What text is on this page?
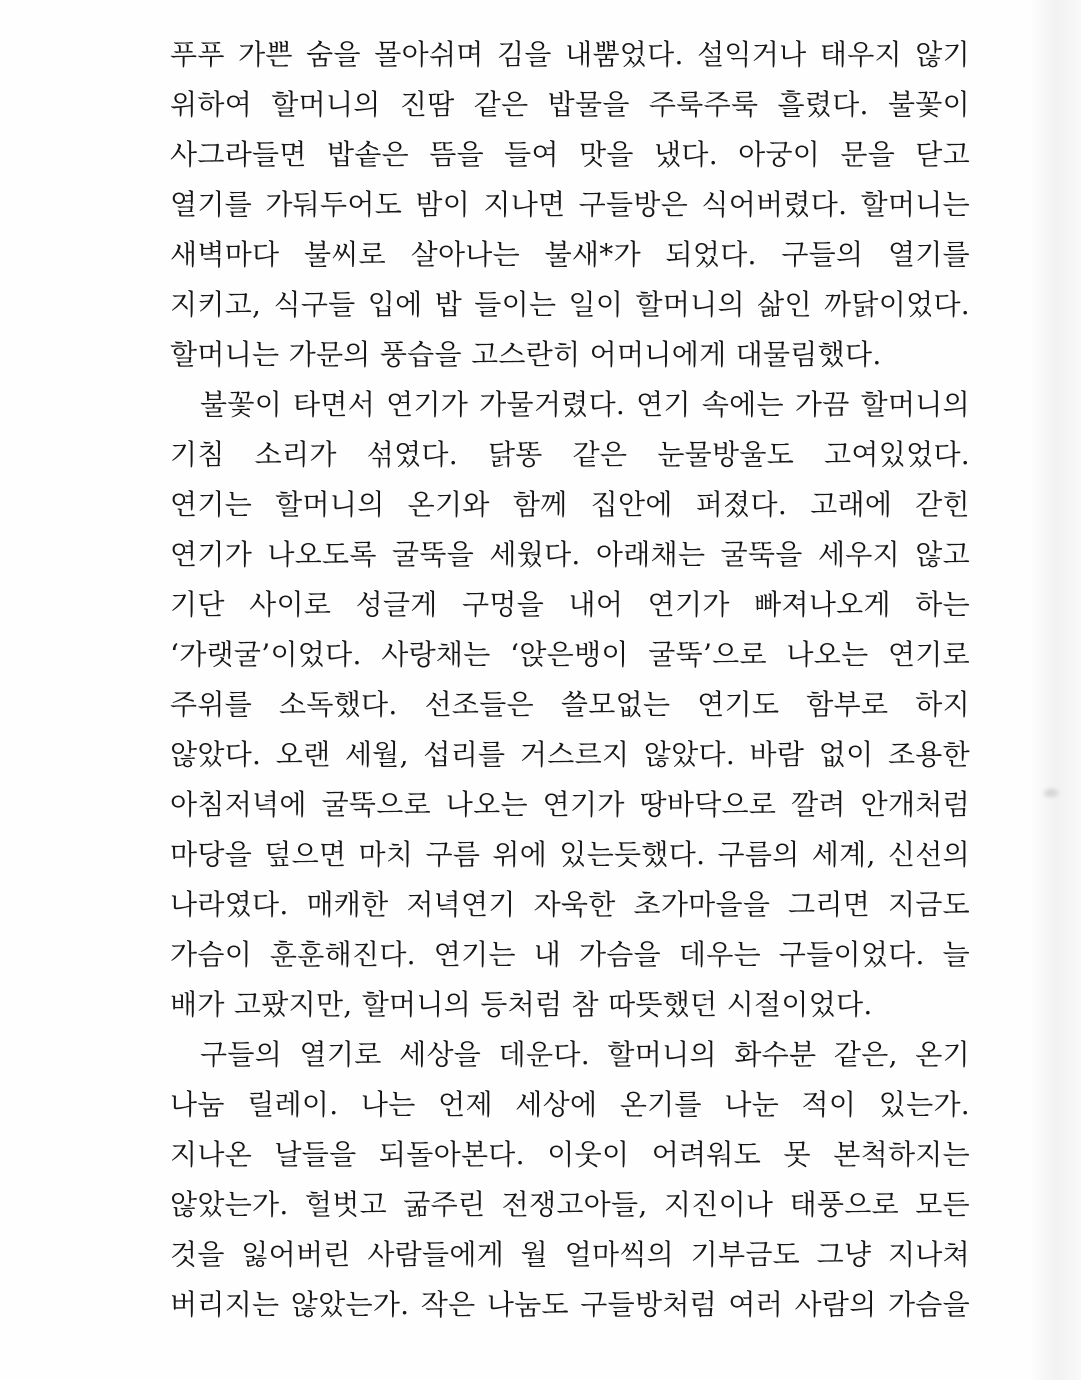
푸푸 가쁜 숨을 몰아쉬며 김을 내뿜었다. 설익거나 태우지 않기
위하여 할머니의 진땀 같은 밥물을 주룩주룩 흘렸다. 불꽃이
사그라들면 밥솥은 뜸을 들여 맛을 냈다. 아궁이 문을 닫고
열기를 가둬두어도 밤이 지나면 구들방은 식어버렸다. 할머니는
새벽마다 불씨로 살아나는 불새*가 되었다. 구들의 열기를
지키고, 식구들 입에 밥 들이는 일이 할머니의 삶인 까닭이었다.
할머니는 가문의 풍습을 고스란히 어머니에게 대물림했다.
불꽃이 타면서 연기가 가물거렸다. 연기 속에는 가끔 할머니의
기침 소리가 섞였다. 닭똥 같은 눈물방울도 고여있었다.
연기는 할머니의 온기와 함께 집안에 퍼졌다. 고래에 갇힌
연기가 나오도록 굴뚝을 세웠다. 아래채는 굴뚝을 세우지 않고
기단 사이로 성글게 구멍을 내어 연기가 빠져나오게 하는
‘가랫굴’이었다. 사랑채는 ‘앉은뱅이 굴뚝’으로 나오는 연기로
주위를 소독했다. 선조들은 쓸모없는 연기도 함부로 하지
않았다. 오랜 세월, 섭리를 거스르지 않았다. 바람 없이 조용한
아침저녁에 굴뚝으로 나오는 연기가 땅바닥으로 깔려 안개처럼
마당을 덮으면 마치 구름 위에 있는듯했다. 구름의 세계, 신선의
나라였다. 매캐한 저녁연기 자욱한 초가마을을 그리면 지금도
가슴이 훈훈해진다. 연기는 내 가슴을 데우는 구들이었다. 늘
배가 고팠지만, 할머니의 등처럼 참 따뜻했던 시절이었다.
구들의 열기로 세상을 데운다. 할머니의 화수분 같은, 온기
나눔 릴레이. 나는 언제 세상에 온기를 나눈 적이 있는가.
지나온 날들을 되돌아본다. 이웃이 어려워도 못 본척하지는
않았는가. 헐벗고 굶주린 전쟁고아들, 지진이나 태풍으로 모든
것을 잃어버린 사람들에게 월 얼마씩의 기부금도 그냥 지나쳐
버리지는 않았는가. 작은 나눔도 구들방처럼 여러 사람의 가슴을
